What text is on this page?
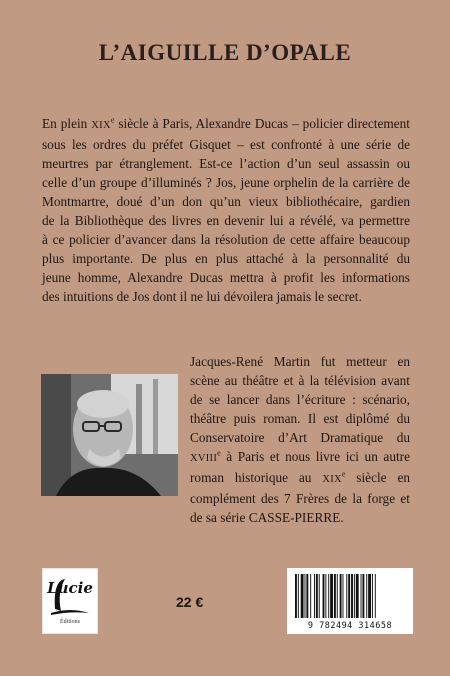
L’AIGUILLE D’OPALE
En plein XIXe siècle à Paris, Alexandre Ducas – policier directement
sous les ordres du préfet Gisquet – est confronté à une série de
meurtres par étranglement. Est-ce l’action d’un seul assassin ou
celle d’un groupe d’illuminés ? Jos, jeune orphelin de la carrière de
Montmartre, doué d’un don qu’un vieux bibliothécaire, gardien
de la Bibliothèque des livres en devenir lui a révélé, va permettre
à ce policier d’avancer dans la résolution de cette affaire beaucoup
plus importante. De plus en plus attaché à la personnalité du
jeune homme, Alexandre Ducas mettra à profit les informations
des intuitions de Jos dont il ne lui dévoilera jamais le secret.
Jacques-René Martin fut metteur en
scène au théâtre et à la télévision avant
de se lancer dans l’écriture : scénario,
théâtre puis roman. Il est diplômé du
Conservatoire d’Art Dramatique du
XVIIIe à Paris et nous livre ici un autre
roman historique au XIXe siècle en
complément des 7 Frères de la forge et
de sa série CASSE-PIERRE.
Lucie
Éditions
22 €
9 782494 314658
